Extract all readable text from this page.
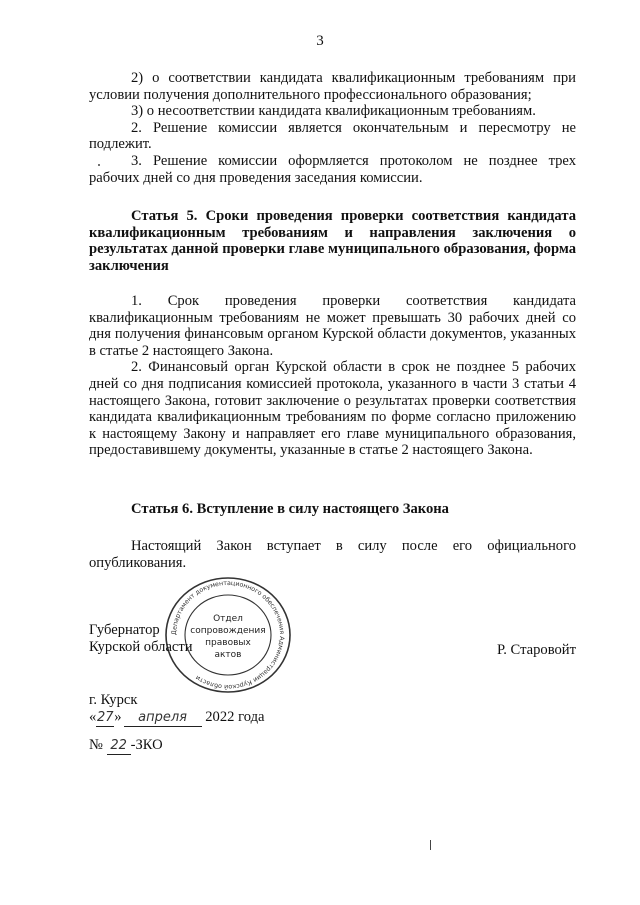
3

2) о соответствии кандидата квалификационным требованиям при условии получения дополнительного профессионального образования;

3) о несоответствии кандидата квалификационным требованиям.

2. Решение комиссии является окончательным и пересмотру не подлежит.

3. Решение комиссии оформляется протоколом не позднее трех рабочих дней со дня проведения заседания комиссии.

Статья 5. Сроки проведения проверки соответствия кандидата квалификационным требованиям и направления заключения о результатах данной проверки главе муниципального образования, форма заключения

1. Срок проведения проверки соответствия кандидата квалификационным требованиям не может превышать 30 рабочих дней со дня получения финансовым органом Курской области документов, указанных в статье 2 настоящего Закона.

2. Финансовый орган Курской области в срок не позднее 5 рабочих дней со дня подписания комиссией протокола, указанного в части 3 статьи 4 настоящего Закона, готовит заключение о результатах проверки соответствия кандидата квалификационным требованиям по форме согласно приложению к настоящему Закону и направляет его главе муниципального образования, предоставившему документы, указанные в статье 2 настоящего Закона.

Статья 6. Вступление в силу настоящего Закона

Настоящий Закон вступает в силу после его официального опубликования.

Департамент документационного обеспечения Администрации Курской области
Отдел
сопровождения
правовых
актов
Губернатор
Курской области	Р. Старовойт
г. Курск
«27» апреля 2022 года
№ 22 -ЗКО
